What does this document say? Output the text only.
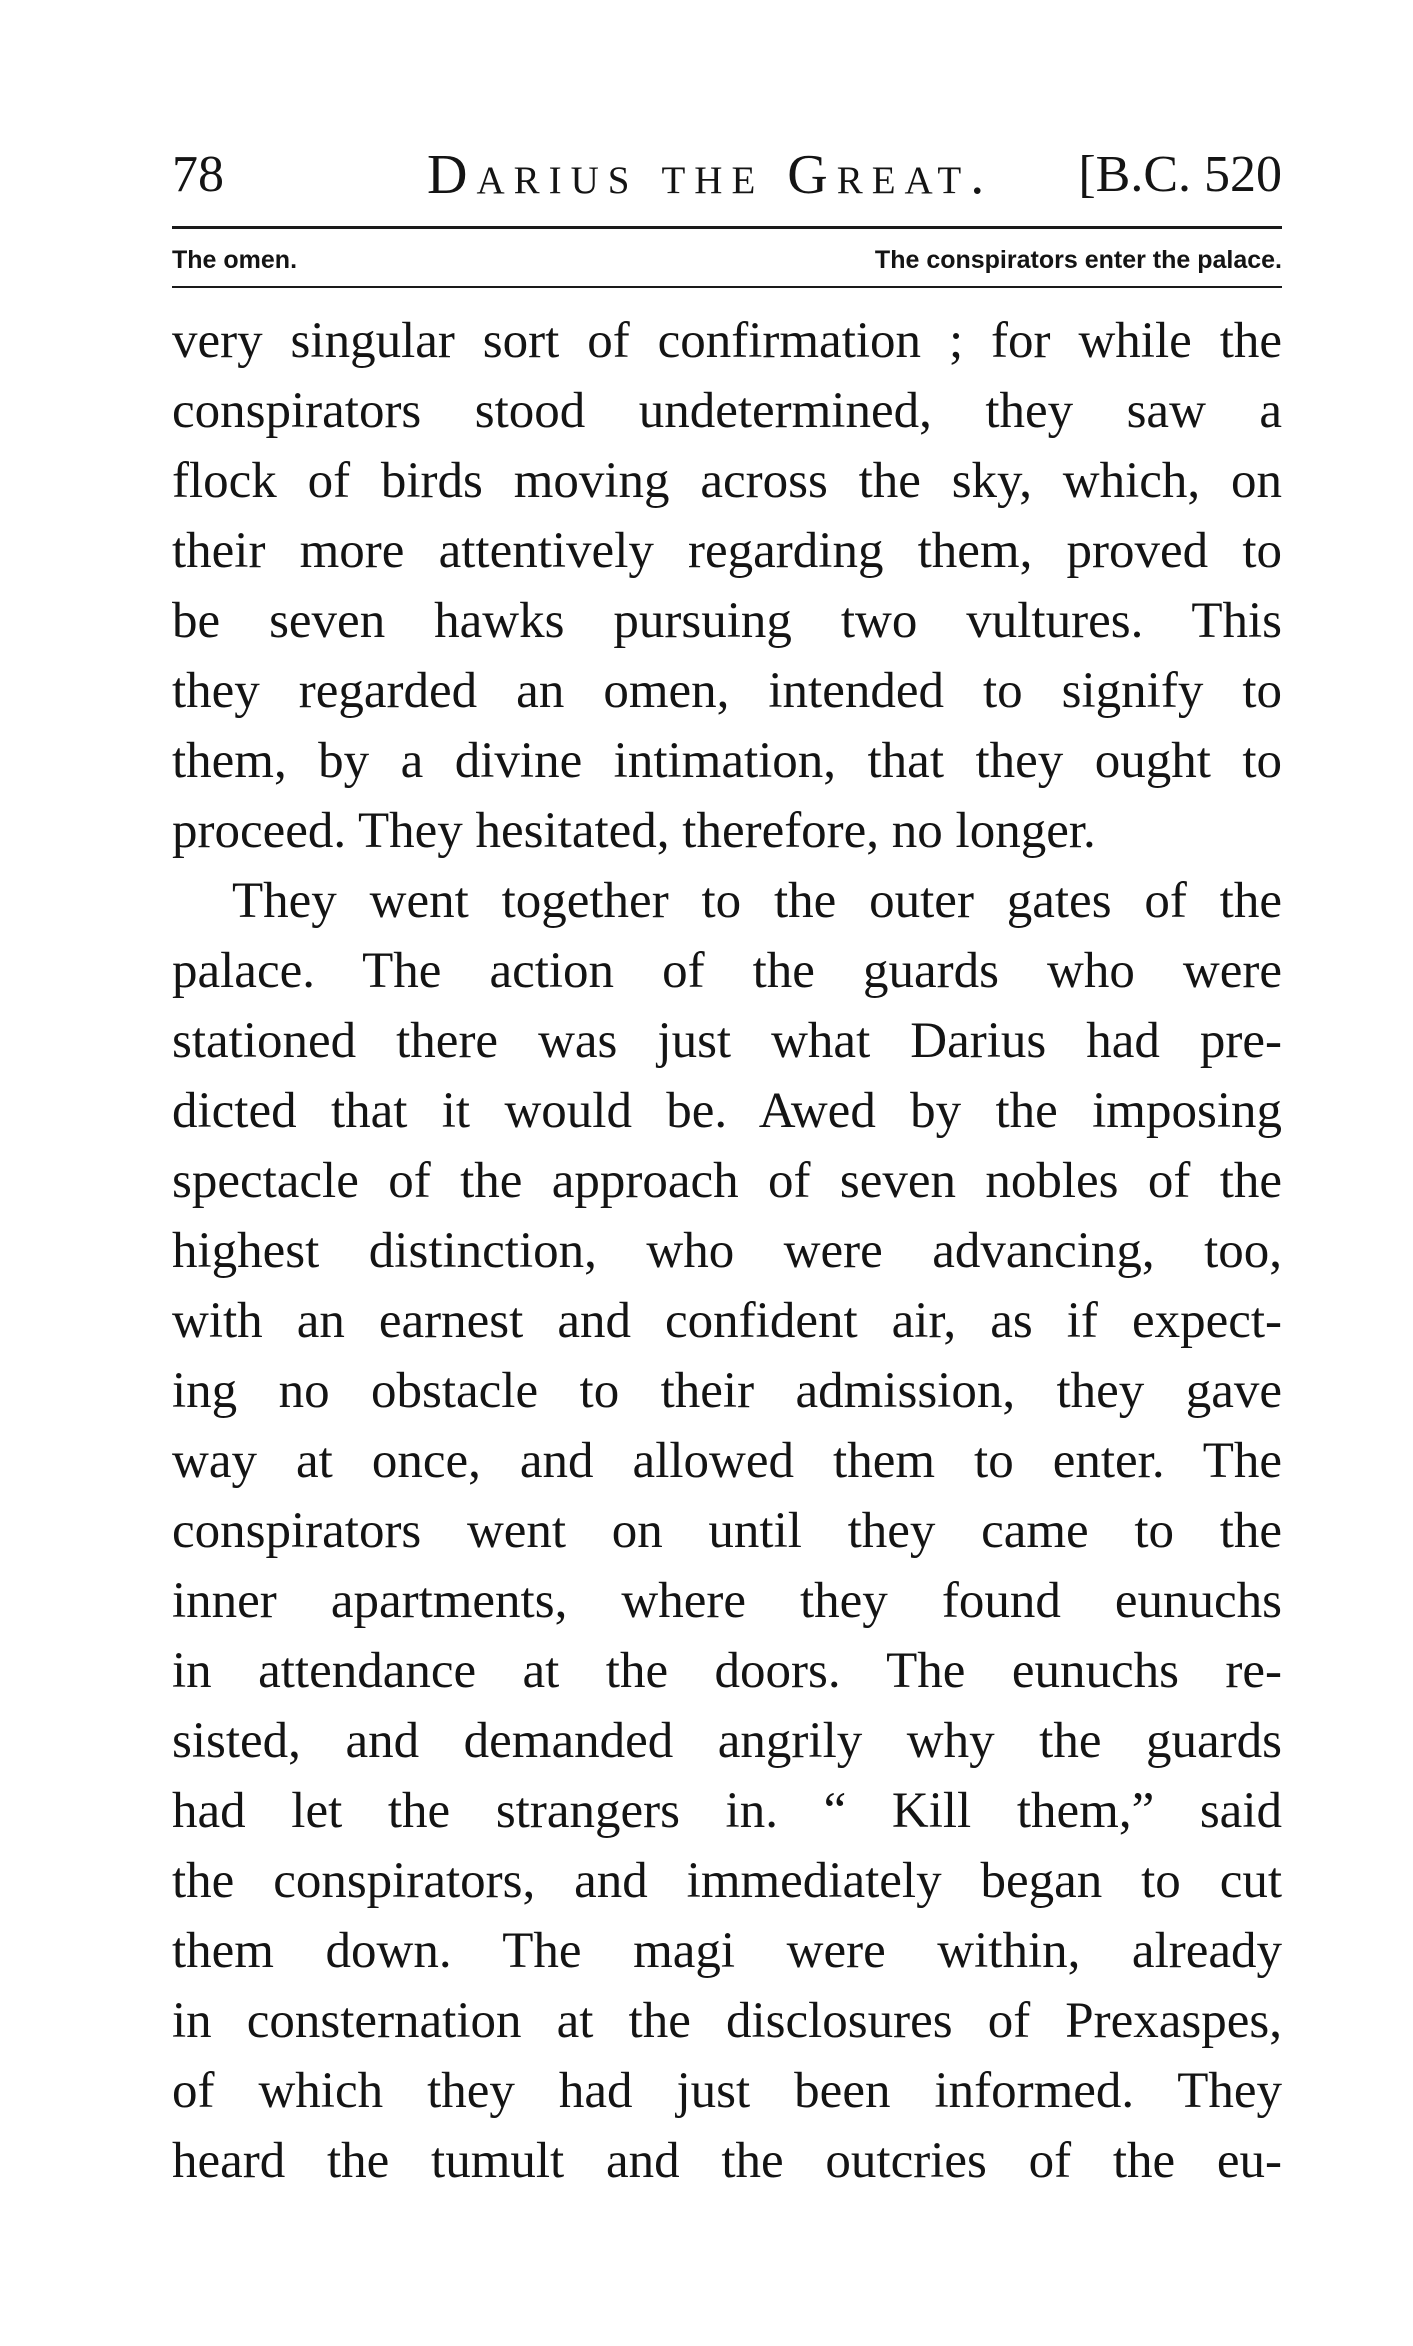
78	Darius the Great. [B.C. 520
The omen.	The conspirators enter the palace.
very singular sort of confirmation ; for while the
conspirators stood undetermined, they saw a
flock of birds moving across the sky, which, on
their more attentively regarding them, proved to
be seven hawks pursuing two vultures. This
they regarded an omen, intended to signify to
them, by a divine intimation, that they ought to
proceed. They hesitated, therefore, no longer.
They went together to the outer gates of the
palace. The action of the guards who were
stationed there was just what Darius had pre-
dicted that it would be. Awed by the imposing
spectacle of the approach of seven nobles of the
highest distinction, who were advancing, too,
with an earnest and confident air, as if expect-
ing no obstacle to their admission, they gave
way at once, and allowed them to enter. The
conspirators went on until they came to the
inner apartments, where they found eunuchs
in attendance at the doors. The eunuchs re-
sisted, and demanded angrily why the guards
had let the strangers in. “ Kill them,” said
the conspirators, and immediately began to cut
them down. The magi were within, already
in consternation at the disclosures of Prexaspes,
of which they had just been informed. They
heard the tumult and the outcries of the eu-
